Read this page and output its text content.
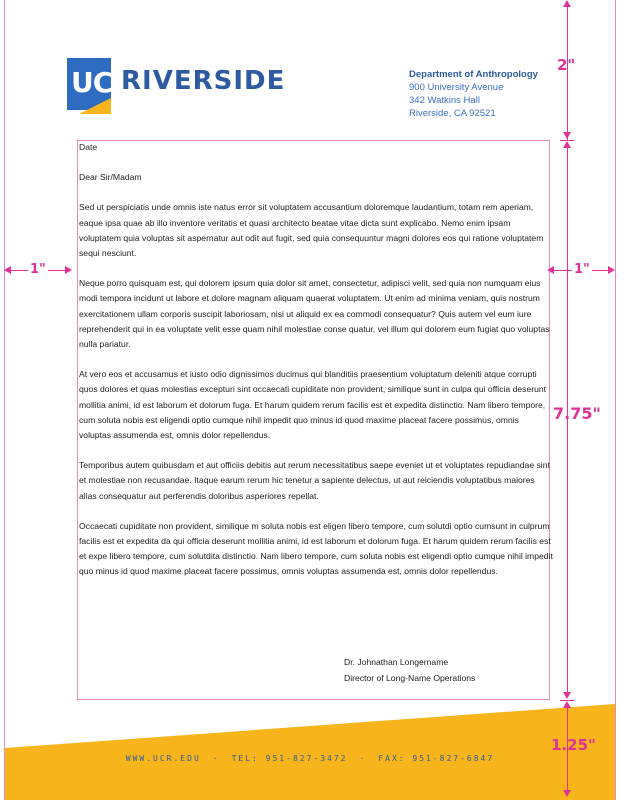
UC RIVERSIDE	Department of Anthropology
900 University Avenue
342 Watkins Hall
Riverside, CA 92521

Date

Dear Sir/Madam

Sed ut perspiciatis unde omnis iste natus error sit voluptatem accusantium doloremque laudantium, totam rem aperiam, eaque ipsa quae ab illo inventore veritatis et quasi architecto beatae vitae dicta sunt explicabo. Nemo enim ipsam voluptatem quia voluptas sit aspernatur aut odit aut fugit, sed quia consequuntur magni dolores eos qui ratione voluptatem sequi nesciunt.

Neque porro quisquam est, qui dolorem ipsum quia dolor sit amet, consectetur, adipisci velit, sed quia non numquam eius modi tempora incidunt ut labore et dolore magnam aliquam quaerat voluptatem. Ut enim ad minima veniam, quis nostrum exercitationem ullam corporis suscipit laboriosam, nisi ut aliquid ex ea commodi consequatur? Quis autem vel eum iure reprehenderit qui in ea voluptate velit esse quam nihil molestiae conse quatur, vel illum qui dolorem eum fugiat quo voluptas nulla pariatur.

At vero eos et accusamus et iusto odio dignissimos ducimus qui blanditiis praesentium voluptatum deleniti atque corrupti quos dolores et quas molestias excepturi sint occaecati cupiditate non provident, similique sunt in culpa qui officia deserunt mollitia animi, id est laborum et dolorum fuga. Et harum quidem rerum facilis est et expedita distinctio. Nam libero tempore, cum soluta nobis est eligendi optio cumque nihil impedit quo minus id quod maxime placeat facere possimus, omnis voluptas assumenda est, omnis dolor repellendus.

Temporibus autem quibusdam et aut officiis debitis aut rerum necessitatibus saepe eveniet ut et voluptates repudiandae sint et molestiae non recusandae. Itaque earum rerum hic tenetur a sapiente delectus, ut aut reiciendis voluptatibus maiores alias consequatur aut perferendis doloribus asperiores repellat.

Occaecati cupiditate non provident, similique m soluta nobis est eligen libero tempore, cum solutdi optio cumsunt in culprum facilis est et expedita da qui officia deserunt mollitia animi, id est laborum et dolorum fuga. Et harum quidem rerum facilis est et expe libero tempore, cum solutdita distinctio. Nam libero tempore, cum soluta nobis est eligendi optio cumque nihil impedit quo minus id quod maxime placeat facere possimus, omnis voluptas assumenda est, omnis dolor repellendus.

Dr. Johnathan Longername
Director of Long-Name Operations
WWW.UCR.EDU · TEL: 951-827-3472 · FAX: 951-827-6847
2"
7.75"
1.25"
1"	1"
